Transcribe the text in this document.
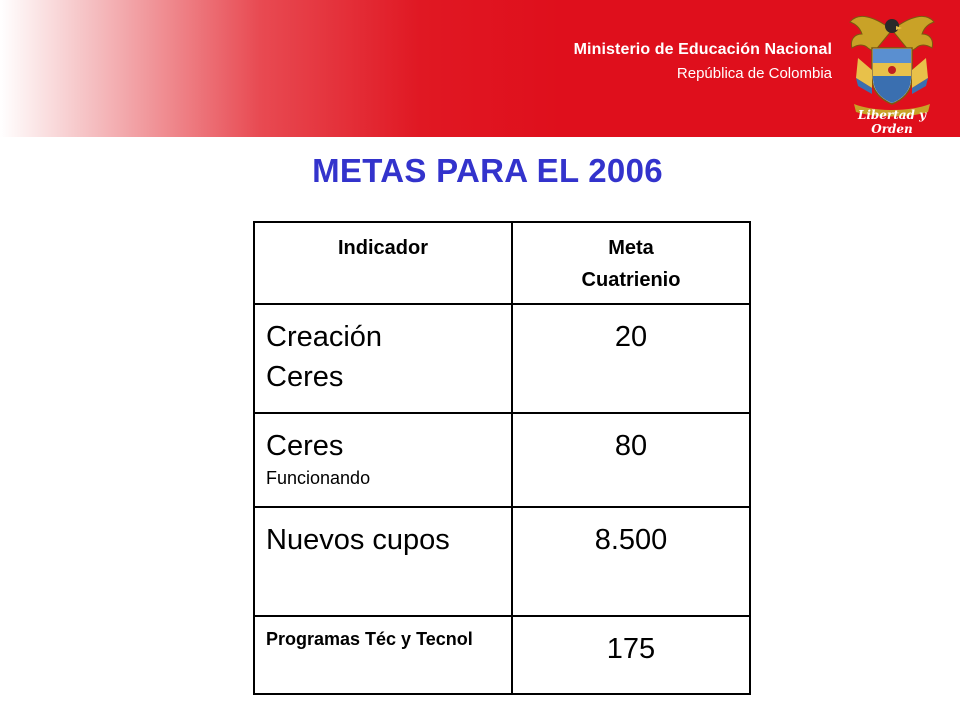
Ministerio de Educación Nacional
República de Colombia
Libertad y Orden
METAS PARA EL 2006
Indicador	Meta Cuatrienio

Creación Ceres	20

Ceres
Funcionando	80

Nuevos cupos	8.500

Programas Téc y Tecnol	175
